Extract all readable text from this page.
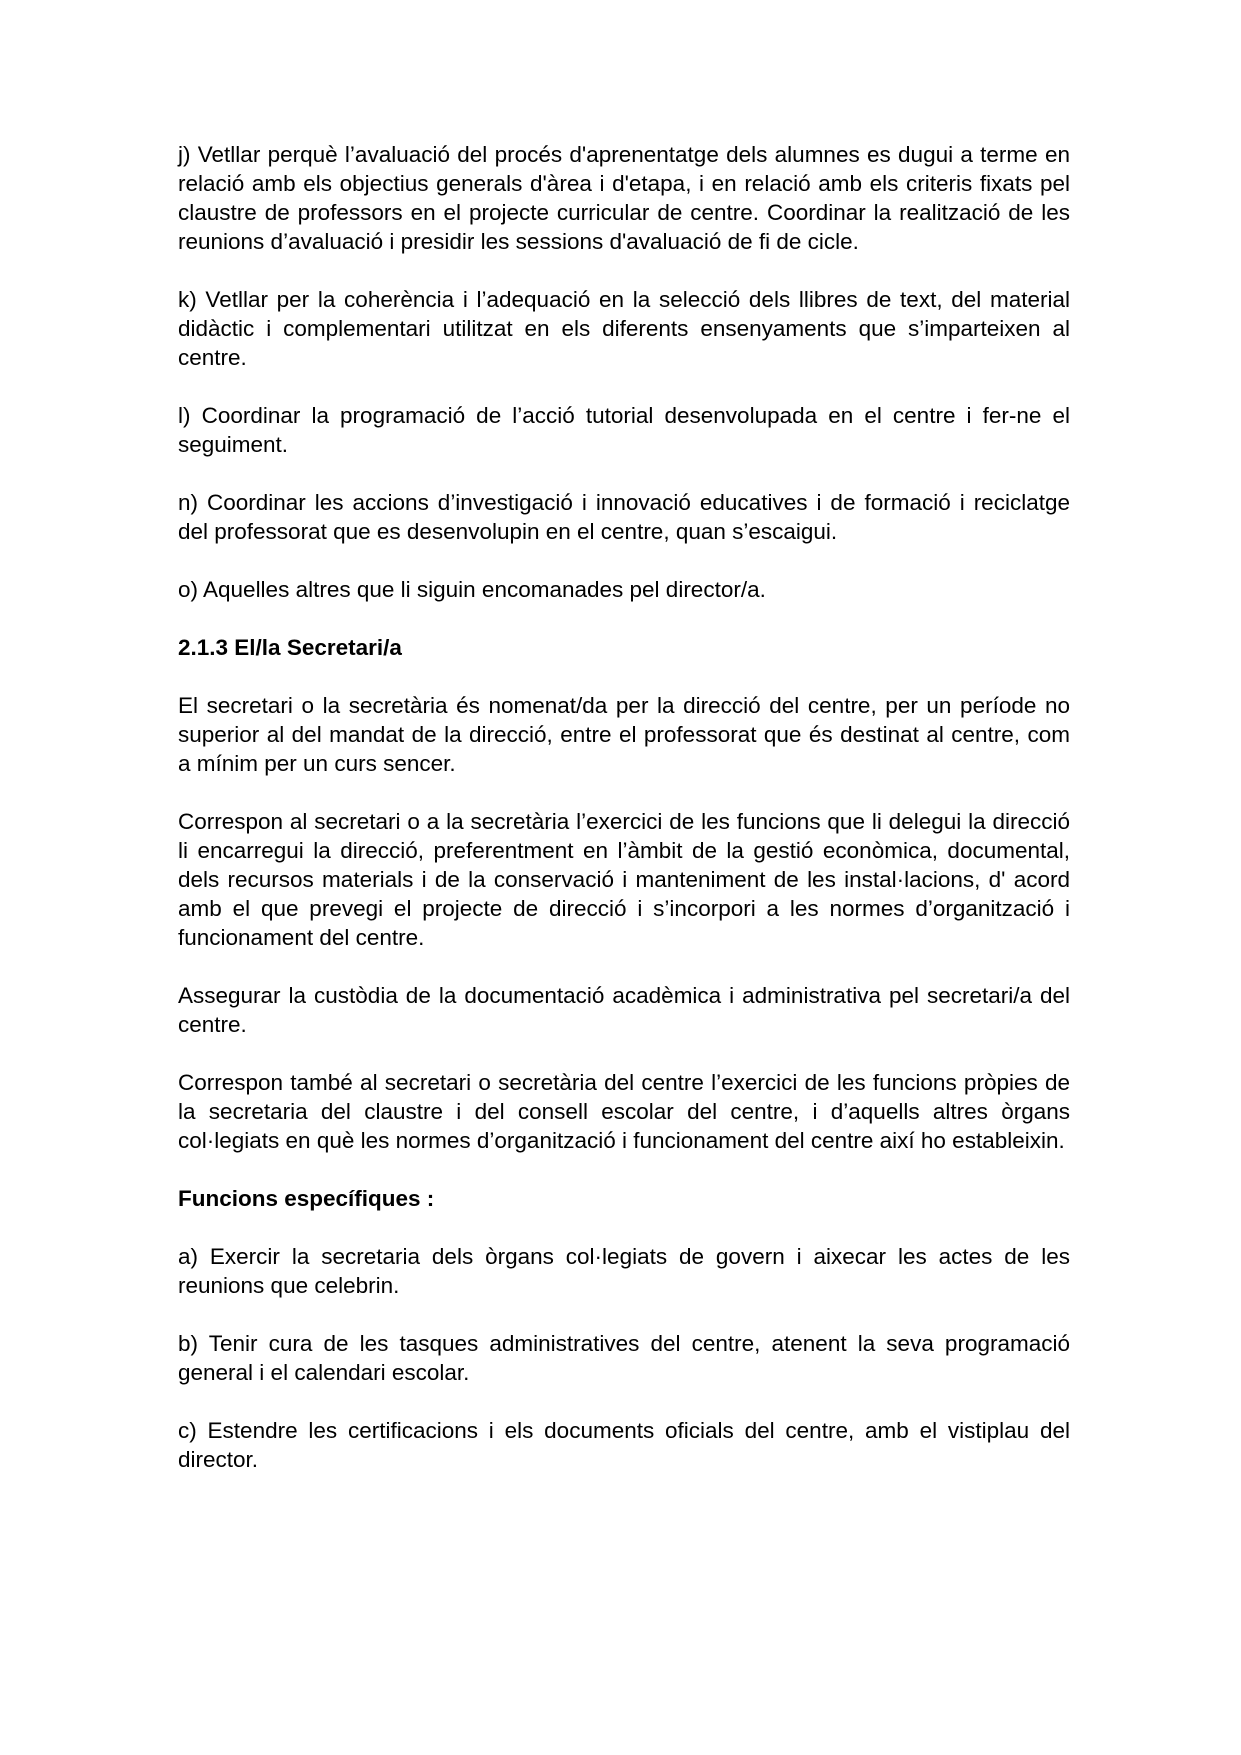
j) Vetllar perquè l’avaluació del procés d'aprenentatge dels alumnes es dugui a terme en relació amb els objectius generals d'àrea i d'etapa, i en relació amb els criteris fixats pel claustre de professors en el projecte curricular de centre. Coordinar la realització de les reunions d’avaluació i presidir les sessions d'avaluació de fi de cicle.

k) Vetllar per la coherència i l’adequació en la selecció dels llibres de text, del material didàctic i complementari utilitzat en els diferents ensenyaments que s’imparteixen al centre.

l) Coordinar la programació de l’acció tutorial desenvolupada en el centre i fer-ne el seguiment.

n) Coordinar les accions d’investigació i innovació educatives i de formació i reciclatge del professorat que es desenvolupin en el centre, quan s’escaigui.

o) Aquelles altres que li siguin encomanades pel director/a.

2.1.3 El/la Secretari/a

El secretari o la secretària és nomenat/da per la direcció del centre, per un període no superior al del mandat de la direcció, entre el professorat que és destinat al centre, com a mínim per un curs sencer.

Correspon al secretari o a la secretària l’exercici de les funcions que li delegui la direcció li encarregui la direcció, preferentment en l’àmbit de la gestió econòmica, documental, dels recursos materials i de la conservació i manteniment de les instal·lacions, d' acord amb el que prevegi el projecte de direcció i s’incorpori a les normes d’organització i funcionament del centre.

Assegurar la custòdia de la documentació acadèmica i administrativa pel secretari/a del centre.

Correspon també al secretari o secretària del centre l’exercici de les funcions pròpies de la secretaria del claustre i del consell escolar del centre, i d’aquells altres òrgans col·legiats en què les normes d’organització i funcionament del centre així ho estableixin.

Funcions específiques :

a) Exercir la secretaria dels òrgans col·legiats de govern i aixecar les actes de les reunions que celebrin.

b) Tenir cura de les tasques administratives del centre, atenent la seva programació general i el calendari escolar.

c) Estendre les certificacions i els documents oficials del centre, amb el vistiplau del director.
